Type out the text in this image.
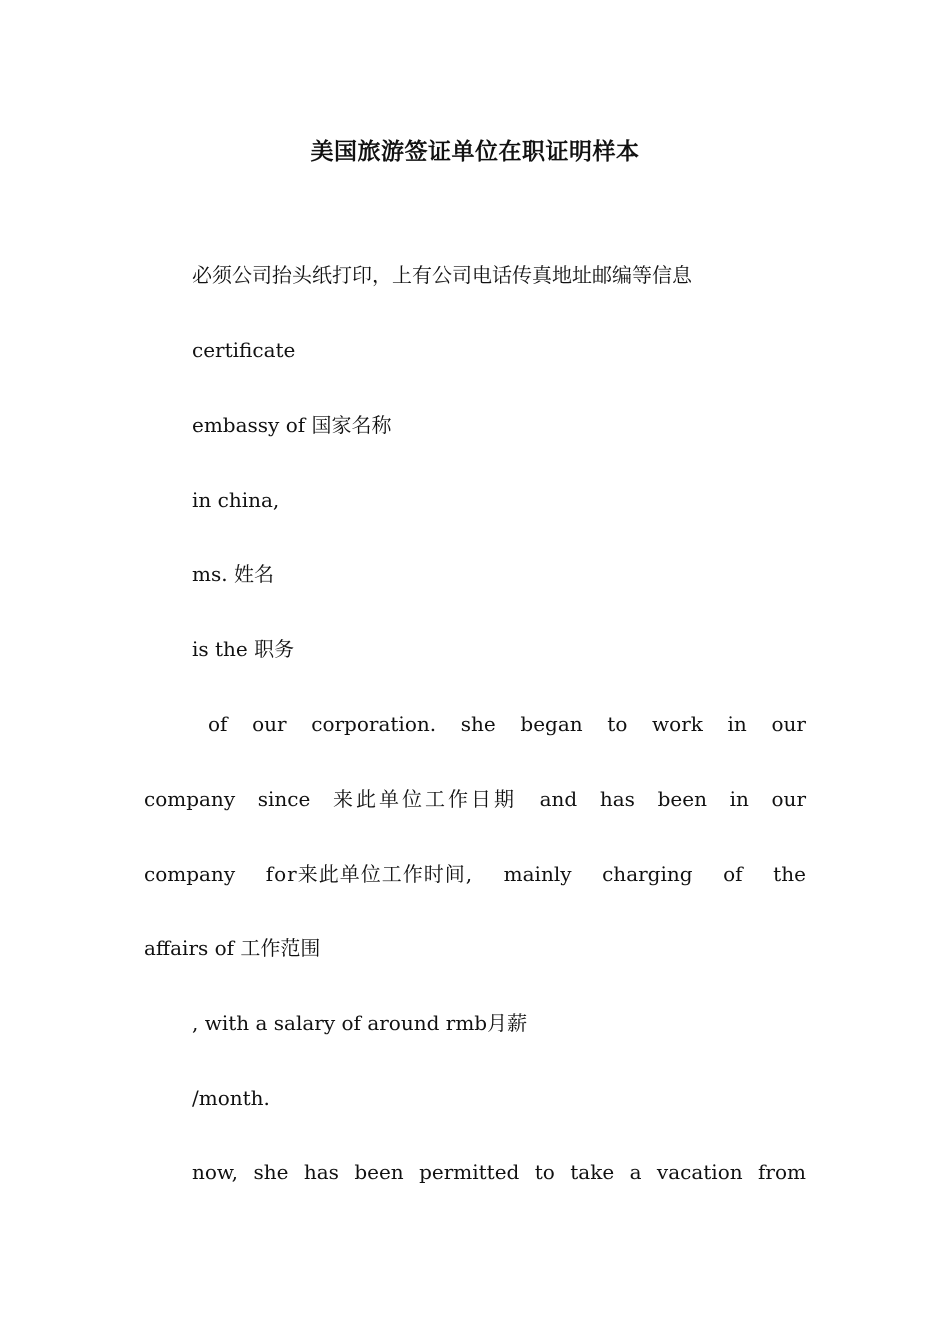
美国旅游签证单位在职证明样本
必须公司抬头纸打印，上有公司电话传真地址邮编等信息
certificate
embassy of 国家名称
in china,
ms. 姓名
is the 职务
of our corporation. she began to work in our
company since 来此单位工作日期 and has been in our
company for来此单位工作时间, mainly charging of the
affairs of 工作范围
, with a salary of around rmb月薪
/month.
now, she has been permitted to take a vacation from
